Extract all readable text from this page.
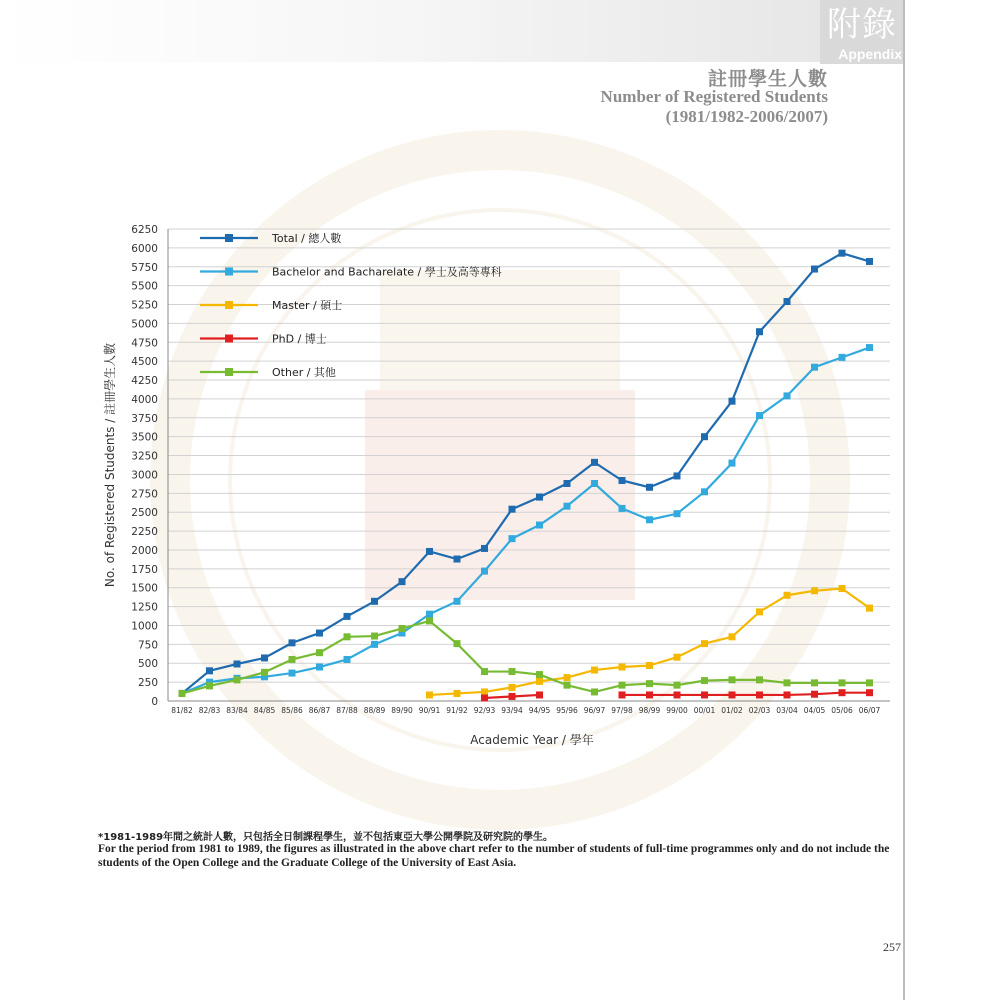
附錄
Appendix
註冊學生人數
Number of Registered Students
(1981/1982-2006/2007)
0
250
500
750
1000
1250
1500
1750
2000
2250
2500
2750
3000
3250
3500
3750
4000
4250
4500
4750
5000
5250
5500
5750
6000
6250
81/82 82/83 83/84 84/85 85/86 86/87 87/88 88/89 89/90 90/91 91/92 92/93 93/94 94/95 95/96 96/97 97/98 98/99 99/00 00/01 01/02 02/03 03/04 04/05 05/06 06/07
Total / 總人數
Bachelor and Bacharelate / 學士及高等專科
Master / 碩士
PhD / 博士
Other / 其他
Academic Year / 學年
No. of Registered Students / 註冊學生人數
*1981-1989年間之統計人數，只包括全日制課程學生，並不包括東亞大學公開學院及研究院的學生。
For the period from 1981 to 1989, the figures as illustrated in the above chart refer to the number of students of full-time programmes only and do not include the students of the Open College and the Graduate College of the University of East Asia.
257
